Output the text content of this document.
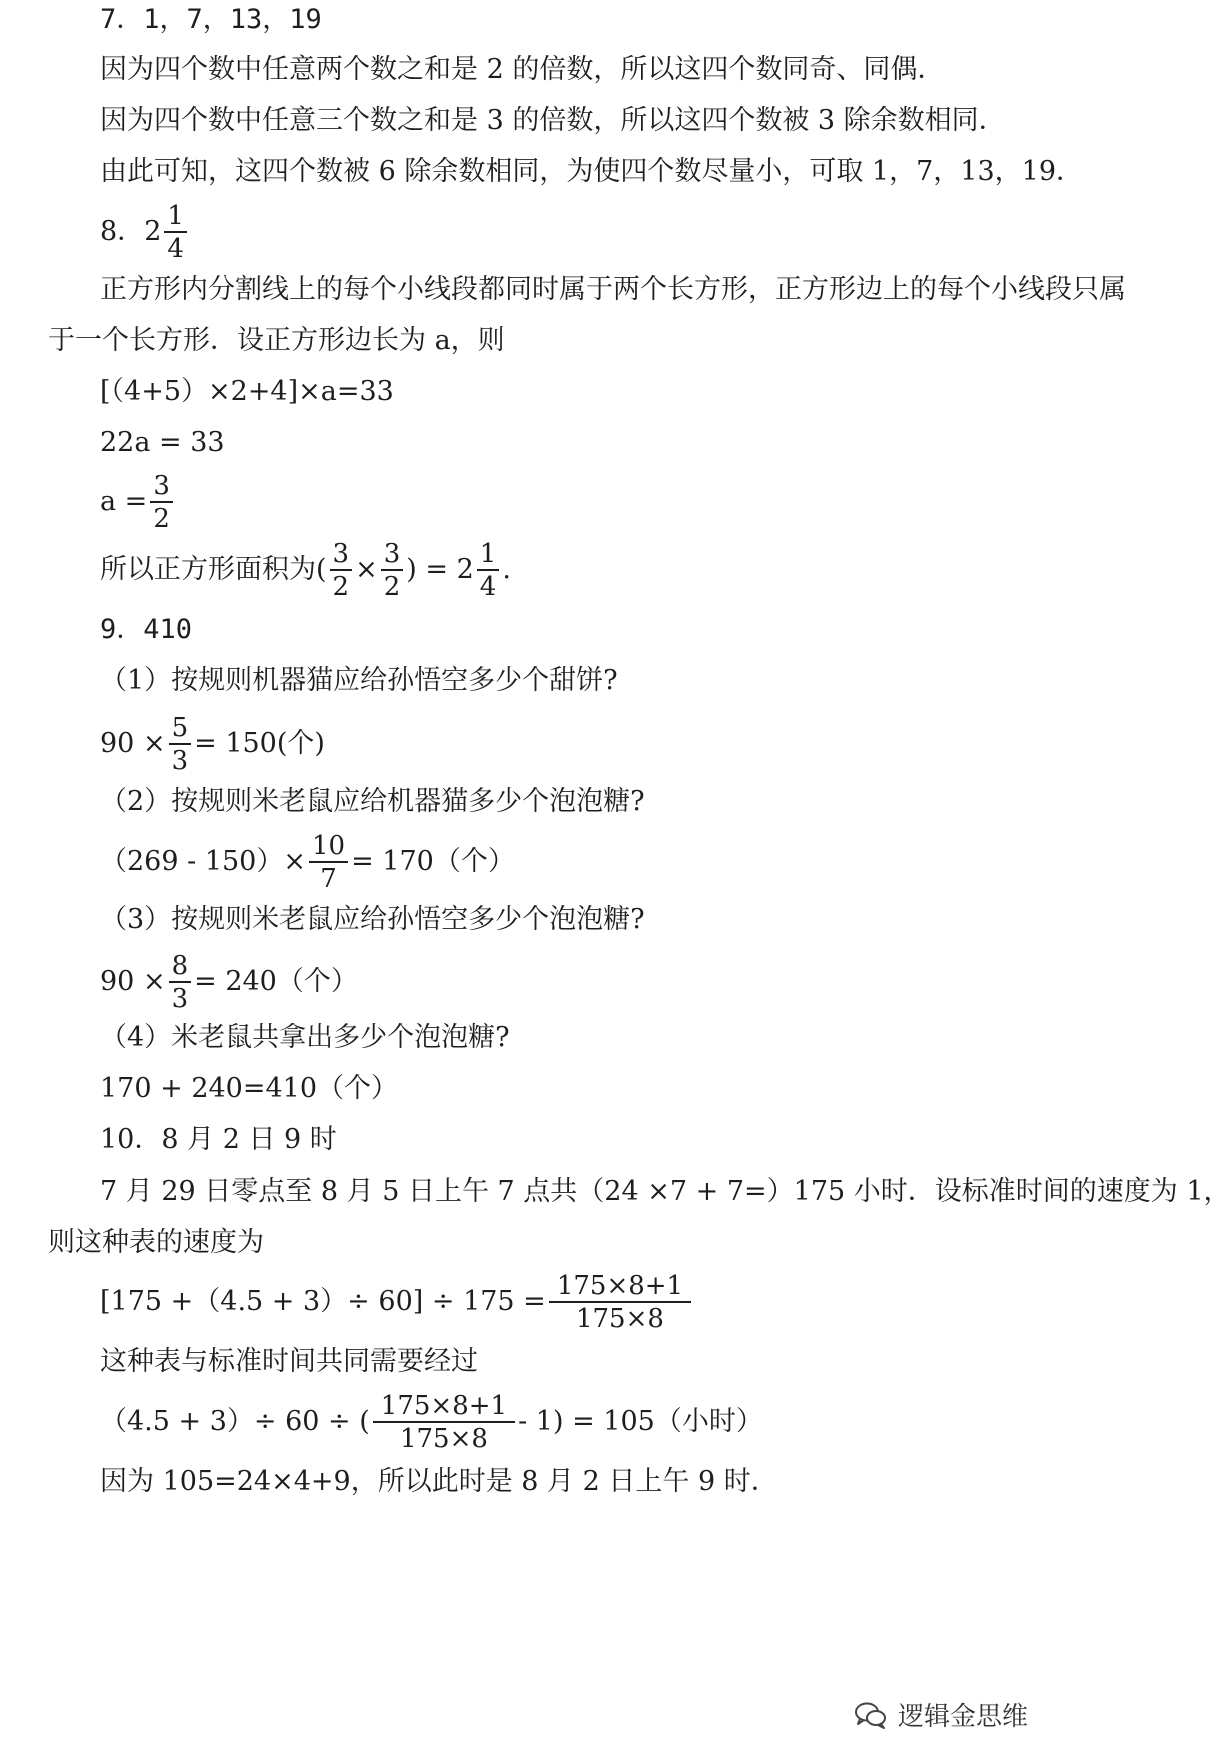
7．1，7，13，19
因为四个数中任意两个数之和是 2 的倍数，所以这四个数同奇、同偶．
因为四个数中任意三个数之和是 3 的倍数，所以这四个数被 3 除余数相同．
由此可知，这四个数被 6 除余数相同，为使四个数尽量小，可取 1，7，13，19．
8． $2 \frac{1}{4}$
正方形内分割线上的每个小线段都同时属于两个长方形，正方形边上的每个小线段只属
于一个长方形．设正方形边长为 a，则
[（4+5）×2+4]×a=33
22a = 33
$a = \frac{3}{2}$
所以正方形面积为( $\frac{3}{2} \times \frac{3}{2}$ ) = $2 \frac{1}{4}$ .
9．410
（1）按规则机器猫应给孙悟空多少个甜饼?
$90 \times \frac{5}{3} = 150$(个)
（2）按规则米老鼠应给机器猫多少个泡泡糖?
$(269 - 150)\times \frac{10}{7} = 170$（个）
（3）按规则米老鼠应给孙悟空多少个泡泡糖?
$90 \times \frac{8}{3} = 240$（个）
（4）米老鼠共拿出多少个泡泡糖?
170 + 240=410（个）
10．8 月 2 日 9 时
7 月 29 日零点至 8 月 5 日上午 7 点共（24 ×7 + 7=）175 小时．设标准时间的速度为 1，
则这种表的速度为
$[175 +(4.5 + 3)\div 60] \div 175 = \frac{175\times 8+1}{175\times 8}$
这种表与标准时间共同需要经过
（4.5 + 3）÷ 60 ÷ ( $\frac{175\times 8+1}{175\times 8} - 1) = 105$（小时）
因为 105=24×4+9，所以此时是 8 月 2 日上午 9 时．
逻辑金思维
